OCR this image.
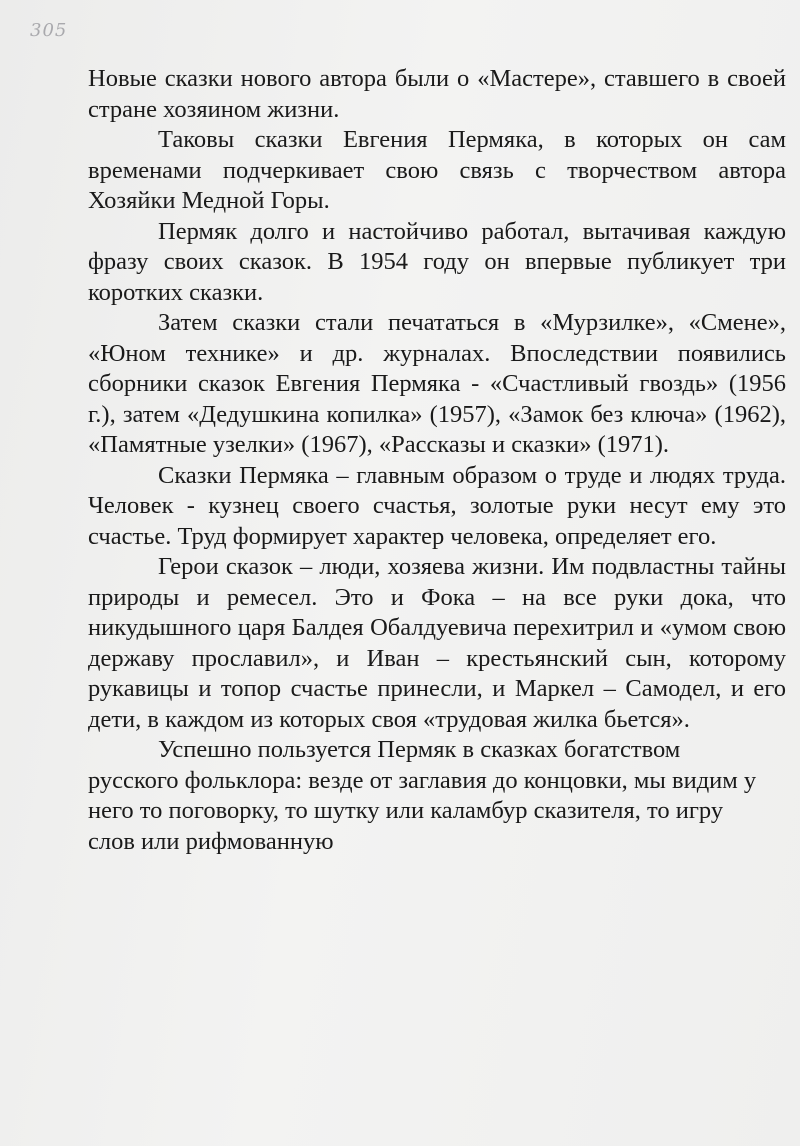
305

Новые сказки нового автора были о «Мастере», ставшего в своей стране хозяином жизни.

Таковы сказки Евгения Пермяка, в которых он сам временами подчеркивает свою связь с творчеством автора Хозяйки Медной Горы.

Пермяк долго и настойчиво работал, вытачивая каждую фразу своих сказок. В 1954 году он впервые публикует три коротких сказки.

Затем сказки стали печататься в «Мурзилке», «Смене», «Юном технике» и др. журналах. Впоследствии появились сборники сказок Евгения Пермяка - «Счастливый гвоздь» (1956 г.), затем «Дедушкина копилка» (1957), «Замок без ключа» (1962), «Памятные узелки» (1967), «Рассказы и сказки» (1971).

Сказки Пермяка – главным образом о труде и людях труда. Человек - кузнец своего счастья, золотые руки несут ему это счастье. Труд формирует характер человека, определяет его.

Герои сказок – люди, хозяева жизни. Им подвластны тайны природы и ремесел. Это и Фока – на все руки дока, что никудышного царя Балдея Обалдуевича перехитрил и «умом свою державу прославил», и Иван – крестьянский сын, которому рукавицы и топор счастье принесли, и Маркел – Самодел, и его дети, в каждом из которых своя «трудовая жилка бьется».

Успешно пользуется Пермяк в сказках богатством русского фольклора: везде от заглавия до концовки, мы видим у него то поговорку, то шутку или каламбур сказителя, то игру слов или рифмованную
